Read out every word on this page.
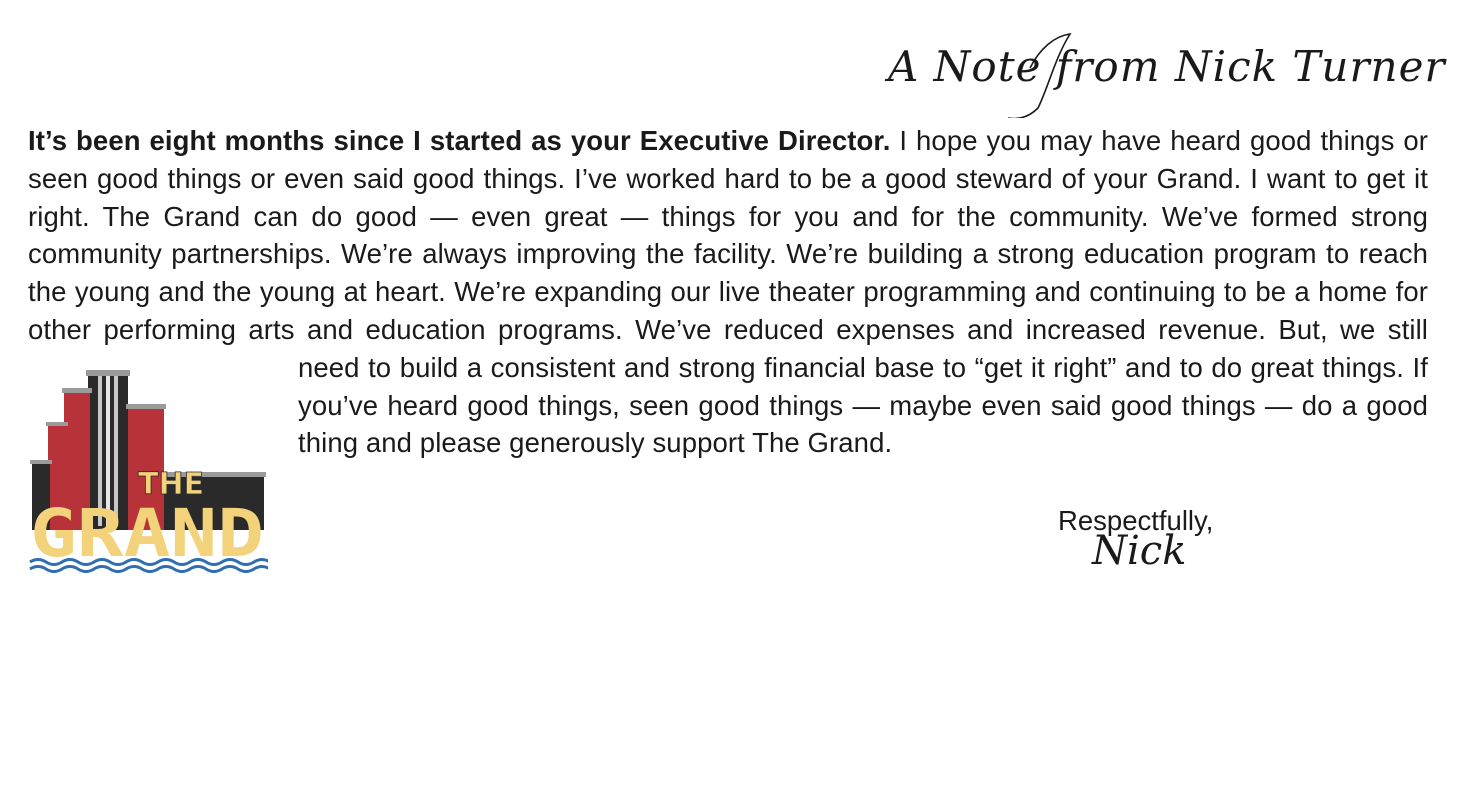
A Note from Nick Turner
It’s been eight months since I started as your Executive Director. I hope you may have heard good things or seen good things or even said good things. I’ve worked hard to be a good steward of your Grand. I want to get it right. The Grand can do good — even great — things for you and for the community. We’ve formed strong community partnerships. We’re always improving the facility. We’re building a strong education program to reach the young and the young at heart. We’re expanding our live theater programming and continuing to be a home for other performing arts and education programs. We’ve reduced expenses and increased revenue. But, we still need to build a consistent and strong financial base to “get it right” and to do great things. If you’ve heard good things, seen good things — maybe even said good things — do a good thing and please generously support The Grand.
THE
GRAND	Respectfully,
Nick
